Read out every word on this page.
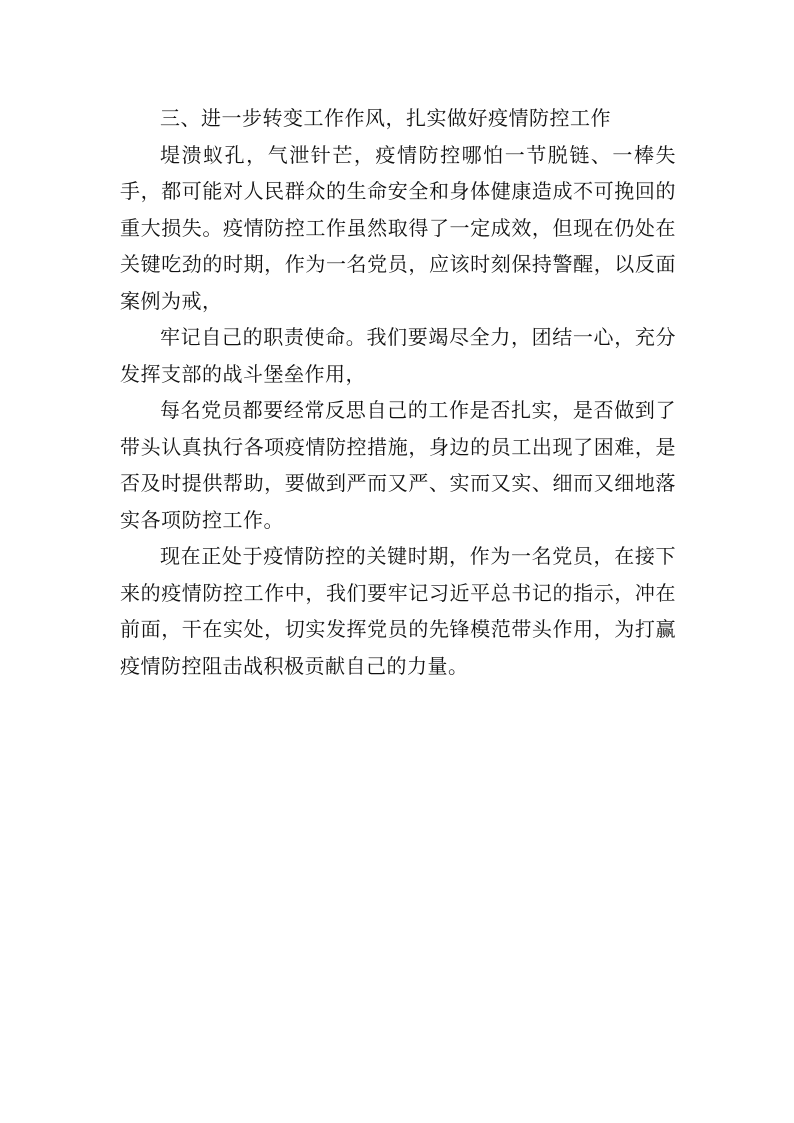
三、进一步转变工作作风，扎实做好疫情防控工作

堤溃蚁孔，气泄针芒，疫情防控哪怕一节脱链、一棒失手，都可能对人民群众的生命安全和身体健康造成不可挽回的重大损失。疫情防控工作虽然取得了一定成效，但现在仍处在关键吃劲的时期，作为一名党员，应该时刻保持警醒，以反面案例为戒，

牢记自己的职责使命。我们要竭尽全力，团结一心，充分发挥支部的战斗堡垒作用，

每名党员都要经常反思自己的工作是否扎实，是否做到了带头认真执行各项疫情防控措施，身边的员工出现了困难，是否及时提供帮助，要做到严而又严、实而又实、细而又细地落实各项防控工作。

现在正处于疫情防控的关键时期，作为一名党员，在接下来的疫情防控工作中，我们要牢记习近平总书记的指示，冲在前面，干在实处，切实发挥党员的先锋模范带头作用，为打赢疫情防控阻击战积极贡献自己的力量。
